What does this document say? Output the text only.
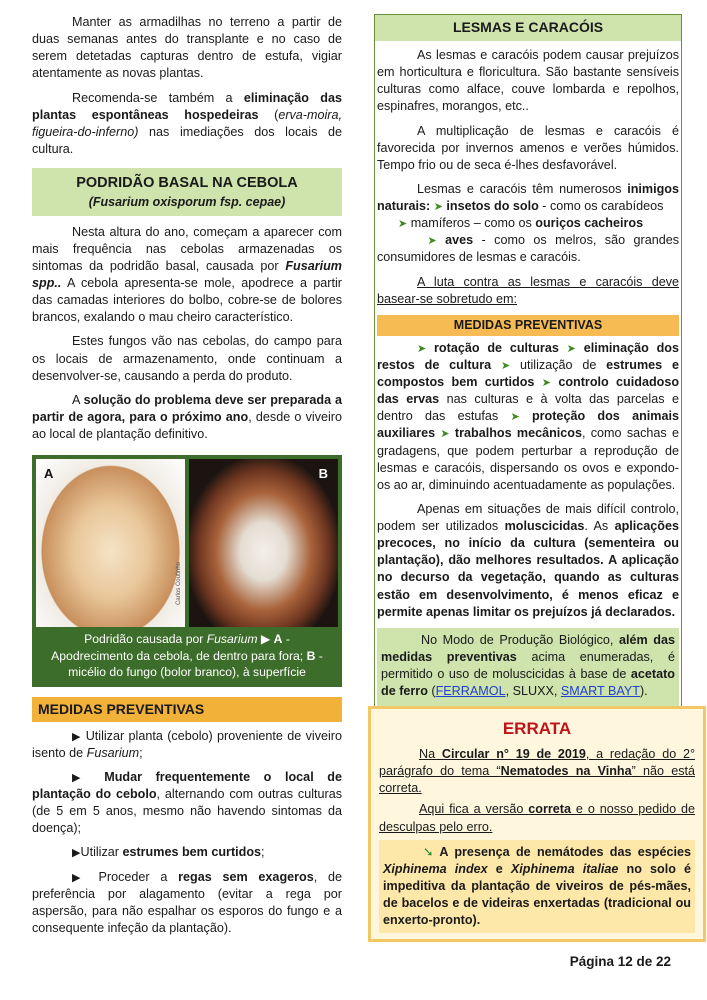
Manter as armadilhas no terreno a partir de duas semanas antes do transplante e no caso de serem detetadas capturas dentro de estufa, vigiar atentamente as novas plantas.

Recomenda-se também a eliminação das plantas espontâneas hospedeiras (erva-moira, figueira-do-inferno) nas imediações dos locais de cultura.

PODRIDÃO BASAL NA CEBOLA
(Fusarium oxisporum fsp. cepae)

Nesta altura do ano, começam a aparecer com mais frequência nas cebolas armazenadas os sintomas da podridão basal, causada por Fusarium spp.. A cebola apresenta-se mole, apodrece a partir das camadas interiores do bolbo, cobre-se de bolores brancos, exalando o mau cheiro característico.

Estes fungos vão nas cebolas, do campo para os locais de armazenamento, onde continuam a desenvolver-se, causando a perda do produto.

A solução do problema deve ser preparada a partir de agora, para o próximo ano, desde o viveiro ao local de plantação definitivo.

A
Carlos Coutinho
B
Podridão causada por Fusarium ▶ A - Apodrecimento da cebola, de dentro para fora; B - micélio do fungo (bolor branco), à superfície
MEDIDAS PREVENTIVAS

▶ Utilizar planta (cebolo) proveniente de viveiro isento de Fusarium;

▶ Mudar frequentemente o local de plantação do cebolo, alternando com outras culturas (de 5 em 5 anos, mesmo não havendo sintomas da doença);

▶Utilizar estrumes bem curtidos;

▶ Proceder a regas sem exageros, de preferência por alagamento (evitar a rega por aspersão, para não espalhar os esporos do fungo e a consequente infeção da plantação).

LESMAS E CARACÓIS

As lesmas e caracóis podem causar prejuízos em horticultura e floricultura. São bastante sensíveis culturas como alface, couve lombarda e repolhos, espinafres, morangos, etc..

A multiplicação de lesmas e caracóis é favorecida por invernos amenos e verões húmidos. Tempo frio ou de seca é-lhes desfavorável.

Lesmas e caracóis têm numerosos inimigos naturais: ➤ insetos do solo - como os carabídeos
➤ mamíferos – como os ouriços cacheiros
➤ aves - como os melros, são grandes consumidores de lesmas e caracóis.

A luta contra as lesmas e caracóis deve basear-se sobretudo em:

MEDIDAS PREVENTIVAS

➤ rotação de culturas ➤ eliminação dos restos de cultura ➤ utilização de estrumes e compostos bem curtidos ➤ controlo cuidadoso das ervas nas culturas e à volta das parcelas e dentro das estufas ➤ proteção dos animais auxiliares ➤ trabalhos mecânicos, como sachas e gradagens, que podem perturbar a reprodução de lesmas e caracóis, dispersando os ovos e expondo-os ao ar, diminuindo acentuadamente as populações.

Apenas em situações de mais difícil controlo, podem ser utilizados moluscicidas. As aplicações precoces, no início da cultura (sementeira ou plantação), dão melhores resultados. A aplicação no decurso da vegetação, quando as culturas estão em desenvolvimento, é menos eficaz e permite apenas limitar os prejuízos já declarados.

No Modo de Produção Biológico, além das medidas preventivas acima enumeradas, é permitido o uso de moluscicidas à base de acetato de ferro (FERRAMOL, SLUXX, SMART BAYT).

ERRATA

Na Circular n° 19 de 2019, a redação do 2° parágrafo do tema “Nematodes na Vinha” não está correta.

Aqui fica a versão correta e o nosso pedido de desculpas pelo erro.

➘ A presença de nemátodes das espécies Xiphinema index e Xiphinema italiae no solo é impeditiva da plantação de viveiros de pés-mães, de bacelos e de videiras enxertadas (tradicional ou enxerto-pronto).

Página 12 de 22
